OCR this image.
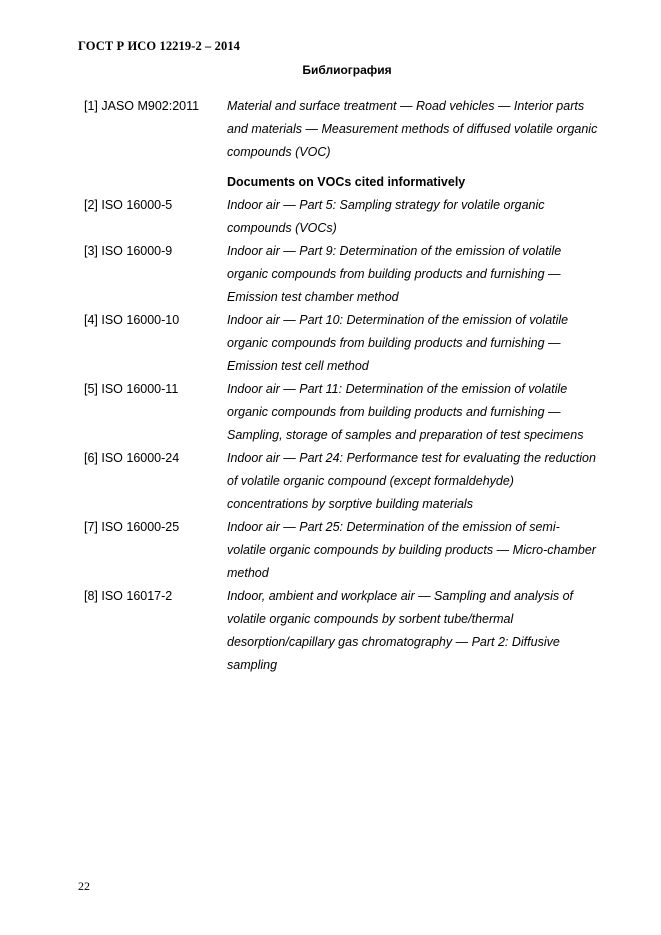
ГОСТ Р ИСО 12219-2 – 2014
Библиография
[1] JASO M902:2011 Material and surface treatment — Road vehicles — Interior parts
and materials — Measurement methods of diffused volatile organic
compounds (VOC)
Documents on VOCs cited informatively
[2] ISO 16000-5	Indoor air — Part 5: Sampling strategy for volatile organic
compounds (VOCs)
[3] ISO 16000-9	Indoor air — Part 9: Determination of the emission of volatile
organic compounds from building products and furnishing —
Emission test chamber method
[4] ISO 16000-10	Indoor air — Part 10: Determination of the emission of volatile
organic compounds from building products and furnishing —
Emission test cell method
[5] ISO 16000-11	Indoor air — Part 11: Determination of the emission of volatile
organic compounds from building products and furnishing —
Sampling, storage of samples and preparation of test specimens
[6] ISO 16000-24	Indoor air — Part 24: Performance test for evaluating the reduction
of volatile organic compound (except formaldehyde)
concentrations by sorptive building materials
[7] ISO 16000-25	Indoor air — Part 25: Determination of the emission of semi-
volatile organic compounds by building products — Micro-chamber
method
[8] ISO 16017-2	Indoor, ambient and workplace air — Sampling and analysis of
volatile organic compounds by sorbent tube/thermal
desorption/capillary gas chromatography — Part 2: Diffusive
sampling
22
